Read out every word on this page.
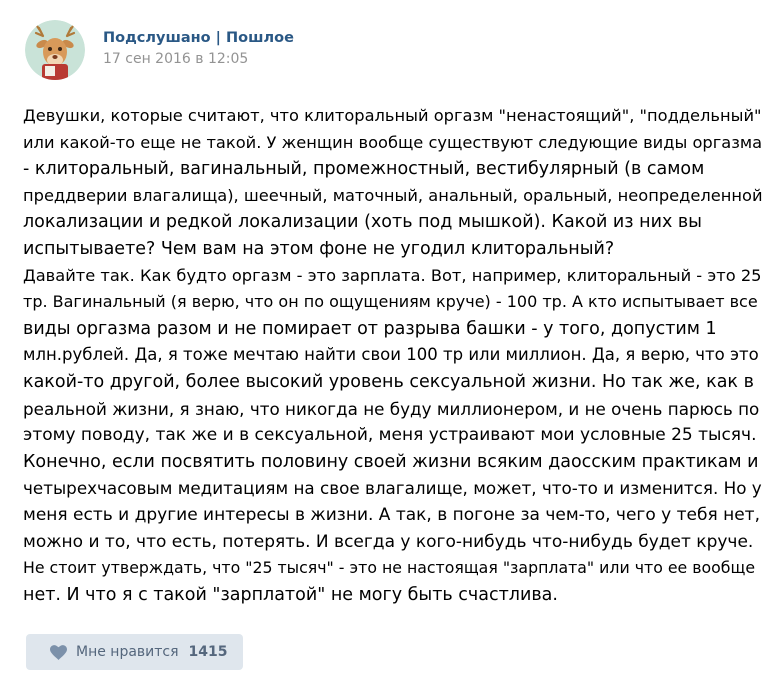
Подслушано | Пошлое
17 сен 2016 в 12:05
Девушки, которые считают, что клиторальный оргазм "ненастоящий", "поддельный"
или какой-то еще не такой. У женщин вообще существуют следующие виды оргазма
- клиторальный, вагинальный, промежностный, вестибулярный (в самом
преддверии влагалища), шеечный, маточный, анальный, оральный, неопределенной
локализации и редкой локализации (хоть под мышкой). Какой из них вы
испытываете? Чем вам на этом фоне не угодил клиторальный?
Давайте так. Как будто оргазм - это зарплата. Вот, например, клиторальный - это 25
тр. Вагинальный (я верю, что он по ощущениям круче) - 100 тр. А кто испытывает все
виды оргазма разом и не помирает от разрыва башки - у того, допустим 1
млн.рублей. Да, я тоже мечтаю найти свои 100 тр или миллион. Да, я верю, что это
какой-то другой, более высокий уровень сексуальной жизни. Но так же, как в
реальной жизни, я знаю, что никогда не буду миллионером, и не очень парюсь по
этому поводу, так же и в сексуальной, меня устраивают мои условные 25 тысяч.
Конечно, если посвятить половину своей жизни всяким даосским практикам и
четырехчасовым медитациям на свое влагалище, может, что-то и изменится. Но у
меня есть и другие интересы в жизни. А так, в погоне за чем-то, чего у тебя нет,
можно и то, что есть, потерять. И всегда у кого-нибудь что-нибудь будет круче.
Не стоит утверждать, что "25 тысяч" - это не настоящая "зарплата" или что ее вообще
нет. И что я с такой "зарплатой" не могу быть счастлива.
Мне нравится 1415
